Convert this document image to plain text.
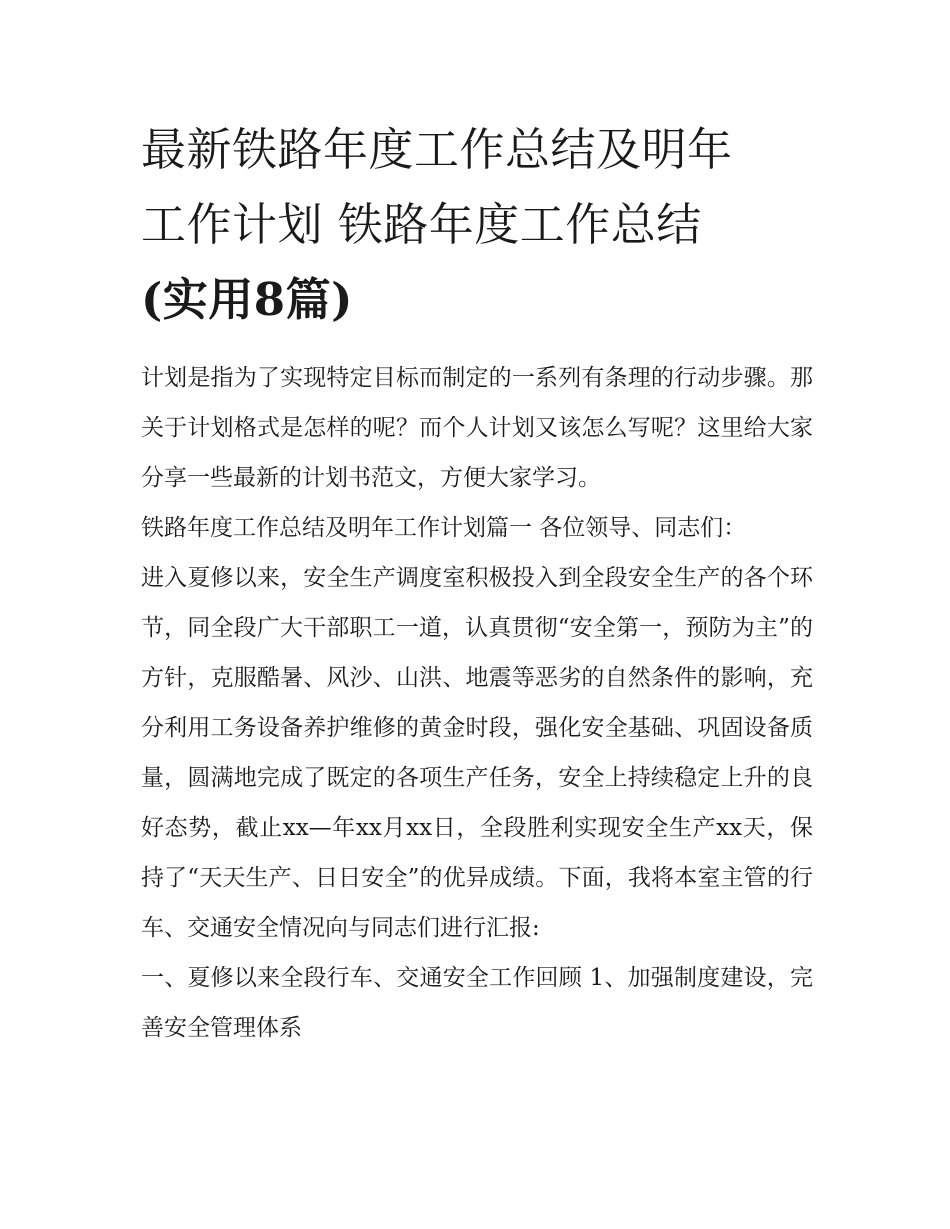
最新铁路年度工作总结及明年
工作计划 铁路年度工作总结
(实用8篇)

计划是指为了实现特定目标而制定的一系列有条理的行动步骤。那关于计划格式是怎样的呢？而个人计划又该怎么写呢？这里给大家分享一些最新的计划书范文，方便大家学习。

铁路年度工作总结及明年工作计划篇一 各位领导、同志们：

进入夏修以来，安全生产调度室积极投入到全段安全生产的各个环节，同全段广大干部职工一道，认真贯彻“安全第一，预防为主”的方针，克服酷暑、风沙、山洪、地震等恶劣的自然条件的影响，充分利用工务设备养护维修的黄金时段，强化安全基础、巩固设备质量，圆满地完成了既定的各项生产任务，安全上持续稳定上升的良好态势，截止xx—年xx月xx日，全段胜利实现安全生产xx天，保持了“天天生产、日日安全”的优异成绩。下面，我将本室主管的行车、交通安全情况向与同志们进行汇报:

一、夏修以来全段行车、交通安全工作回顾 1、加强制度建设，完善安全管理体系
